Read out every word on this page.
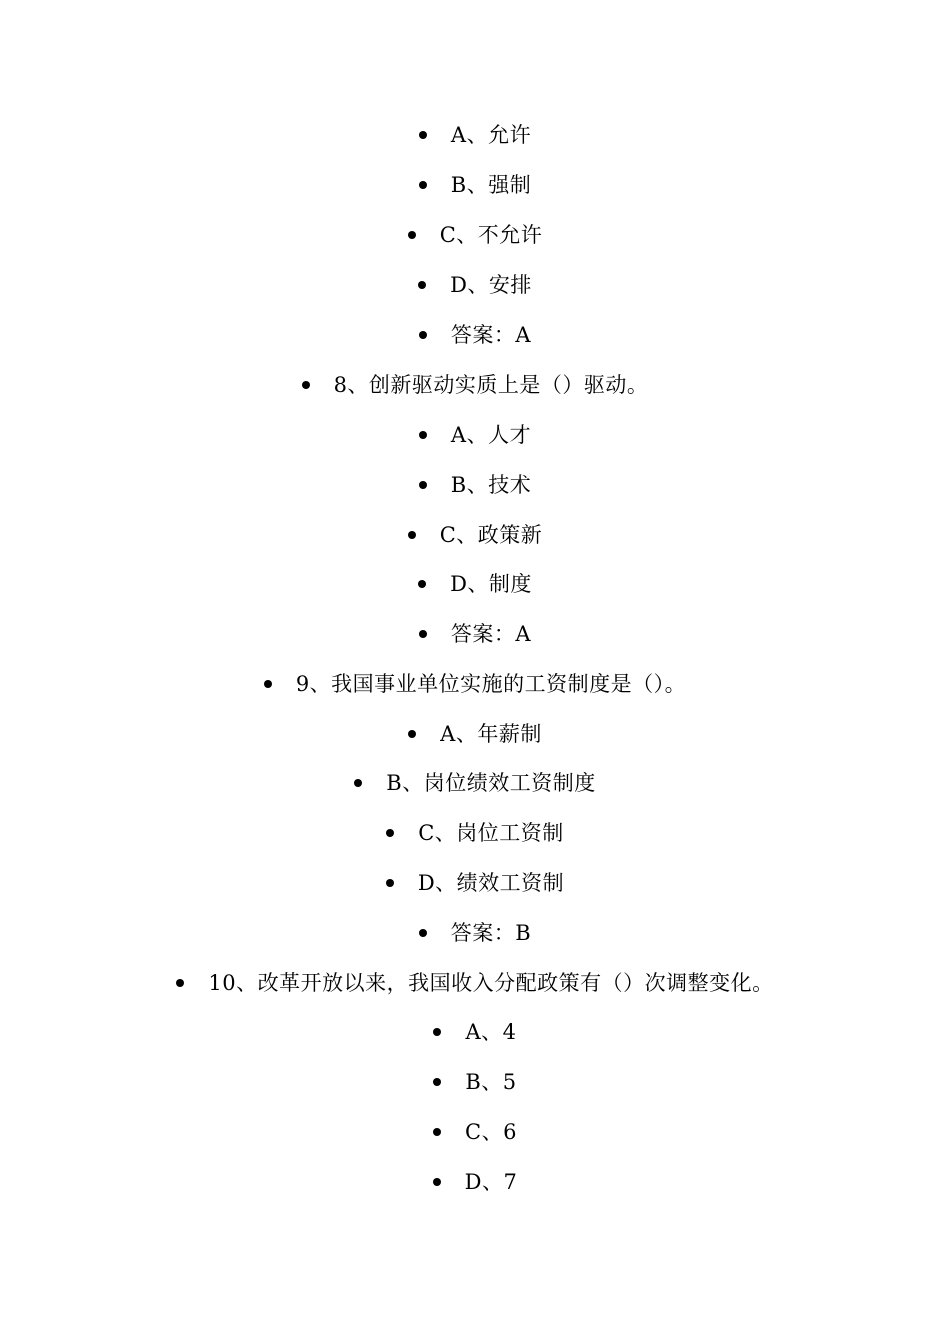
A、允许
B、强制
C、不允许
D、安排
答案：A
8、创新驱动实质上是（）驱动。
A、人才
B、技术
C、政策新
D、制度
答案：A
9、我国事业单位实施的工资制度是（）。
A、年薪制
B、岗位绩效工资制度
C、岗位工资制
D、绩效工资制
答案：B
10、改革开放以来，我国收入分配政策有（）次调整变化。
A、4
B、5
C、6
D、7
